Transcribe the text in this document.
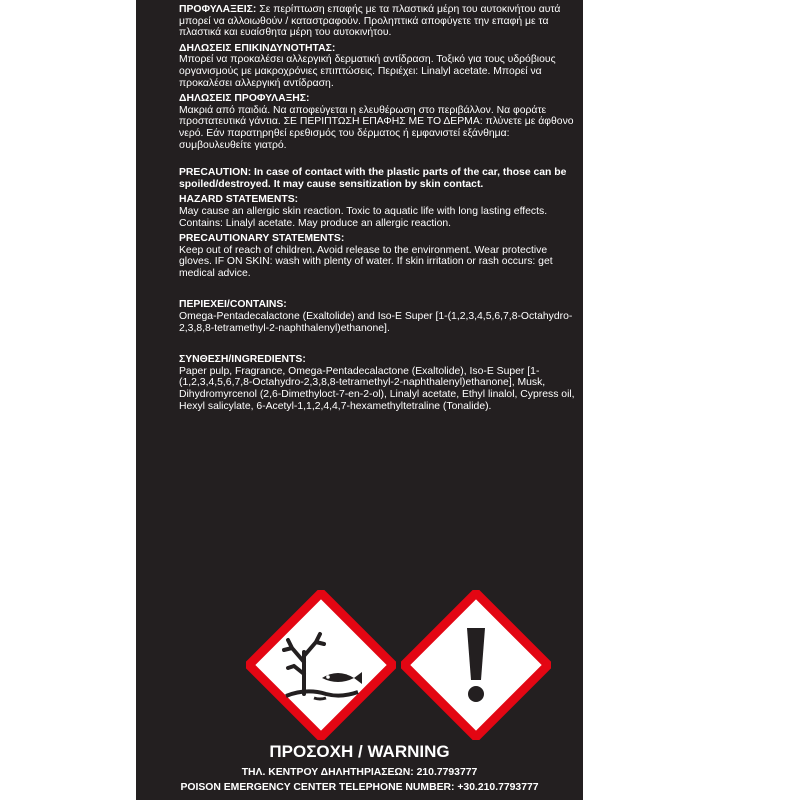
ΠΡΟΦΥΛΑΞΕΙΣ: Σε περίπτωση επαφής με τα πλαστικά μέρη του αυτοκινήτου αυτά μπορεί να αλλοιωθούν / καταστραφούν. Προληπτικά αποφύγετε την επαφή με τα πλαστικά και ευαίσθητα μέρη του αυτοκινήτου.

ΔΗΛΩΣΕΙΣ ΕΠΙΚΙΝΔΥΝΟΤΗΤΑΣ:

Μπορεί να προκαλέσει αλλεργική δερματική αντίδραση. Τοξικό για τους υδρόβιους οργανισμούς με μακροχρόνιες επιπτώσεις. Περιέχει: Linalyl acetate. Μπορεί να προκαλέσει αλλεργική αντίδραση.

ΔΗΛΩΣΕΙΣ ΠΡΟΦΥΛΑΞΗΣ:

Μακριά από παιδιά. Να αποφεύγεται η ελευθέρωση στο περιβάλλον. Να φοράτε προστατευτικά γάντια. ΣΕ ΠΕΡΙΠΤΩΣΗ ΕΠΑΦΗΣ ΜΕ ΤΟ ΔΕΡΜΑ: πλύνετε με άφθονο νερό. Εάν παρατηρηθεί ερεθισμός του δέρματος ή εμφανιστεί εξάνθημα: συμβουλευθείτε γιατρό.

PRECAUTION: In case of contact with the plastic parts of the car, those can be spoiled/destroyed. It may cause sensitization by skin contact.

HAZARD STATEMENTS:

May cause an allergic skin reaction. Toxic to aquatic life with long lasting effects. Contains: Linalyl acetate. May produce an allergic reaction.

PRECAUTIONARY STATEMENTS:

Keep out of reach of children. Avoid release to the environment. Wear protective gloves. IF ON SKIN: wash with plenty of water. If skin irritation or rash occurs: get medical advice.

ΠΕΡΙΕΧΕΙ/CONTAINS:

Omega-Pentadecalactone (Exaltolide) and Iso-E Super [1-(1,2,3,4,5,6,7,8-Octahydro-2,3,8,8-tetramethyl-2-naphthalenyl)ethanone].

ΣΥΝΘΕΣΗ/INGREDIENTS:

Paper pulp, Fragrance, Omega-Pentadecalactone (Exaltolide), Iso-E Super [1-(1,2,3,4,5,6,7,8-Octahydro-2,3,8,8-tetramethyl-2-naphthalenyl)ethanone], Musk, Dihydromyrcenol (2,6-Dimethyloct-7-en-2-ol), Linalyl acetate, Ethyl linalol, Cypress oil, Hexyl salicylate, 6-Acetyl-1,1,2,4,4,7-hexamethyltetraline (Tonalide).

ΠΡΟΣΟΧΗ / WARNING
ΤΗΛ. ΚΕΝΤΡΟΥ ΔΗΛΗΤΗΡΙΑΣΕΩΝ: 210.7793777
POISON EMERGENCY CENTER TELEPHONE NUMBER: +30.210.7793777
